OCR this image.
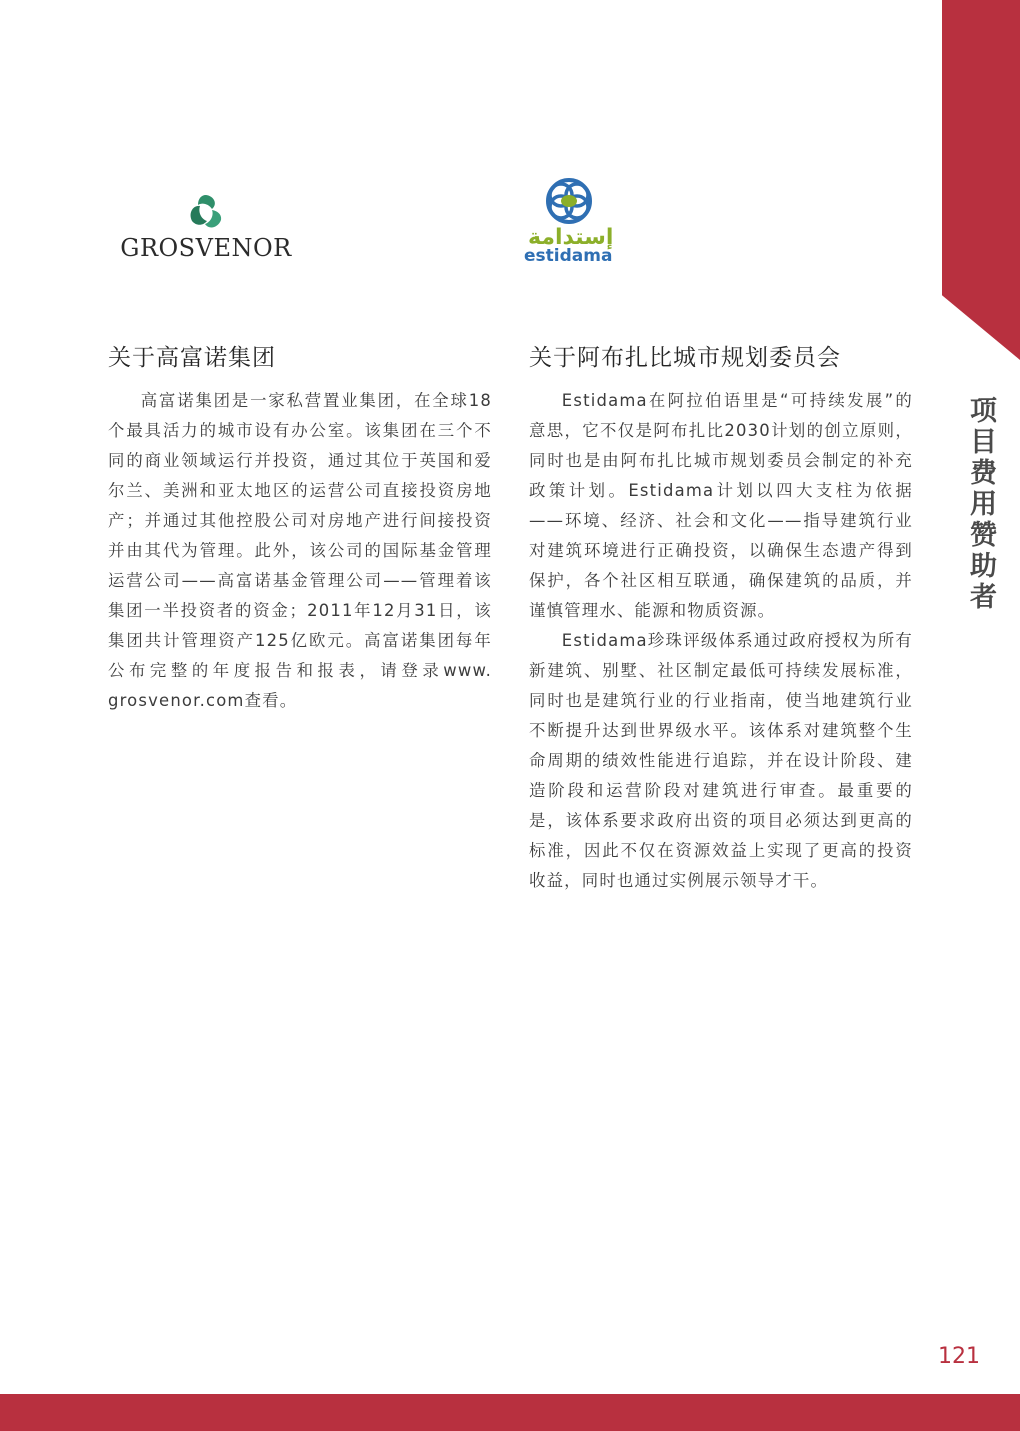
项目费用赞助者
GROSVENOR	إستدامة
estidama
关于高富诺集团

高富诺集团是一家私营置业集团，在全球18个最具活力的城市设有办公室。该集团在三个不同的商业领域运行并投资，通过其位于英国和爱尔兰、美洲和亚太地区的运营公司直接投资房地产；并通过其他控股公司对房地产进行间接投资并由其代为管理。此外，该公司的国际基金管理运营公司——高富诺基金管理公司——管理着该集团一半投资者的资金；2011年12月31日，该集团共计管理资产125亿欧元。高富诺集团每年公布完整的年度报告和报表，请登录www. grosvenor.com查看。

关于阿布扎比城市规划委员会

Estidama在阿拉伯语里是“可持续发展”的意思，它不仅是阿布扎比2030计划的创立原则，同时也是由阿布扎比城市规划委员会制定的补充政策计划。Estidama计划以四大支柱为依据——环境、经济、社会和文化——指导建筑行业对建筑环境进行正确投资，以确保生态遗产得到保护，各个社区相互联通，确保建筑的品质，并谨慎管理水、能源和物质资源。

Estidama珍珠评级体系通过政府授权为所有新建筑、别墅、社区制定最低可持续发展标准，同时也是建筑行业的行业指南，使当地建筑行业不断提升达到世界级水平。该体系对建筑整个生命周期的绩效性能进行追踪，并在设计阶段、建造阶段和运营阶段对建筑进行审查。最重要的是，该体系要求政府出资的项目必须达到更高的标准，因此不仅在资源效益上实现了更高的投资收益，同时也通过实例展示领导才干。

121
